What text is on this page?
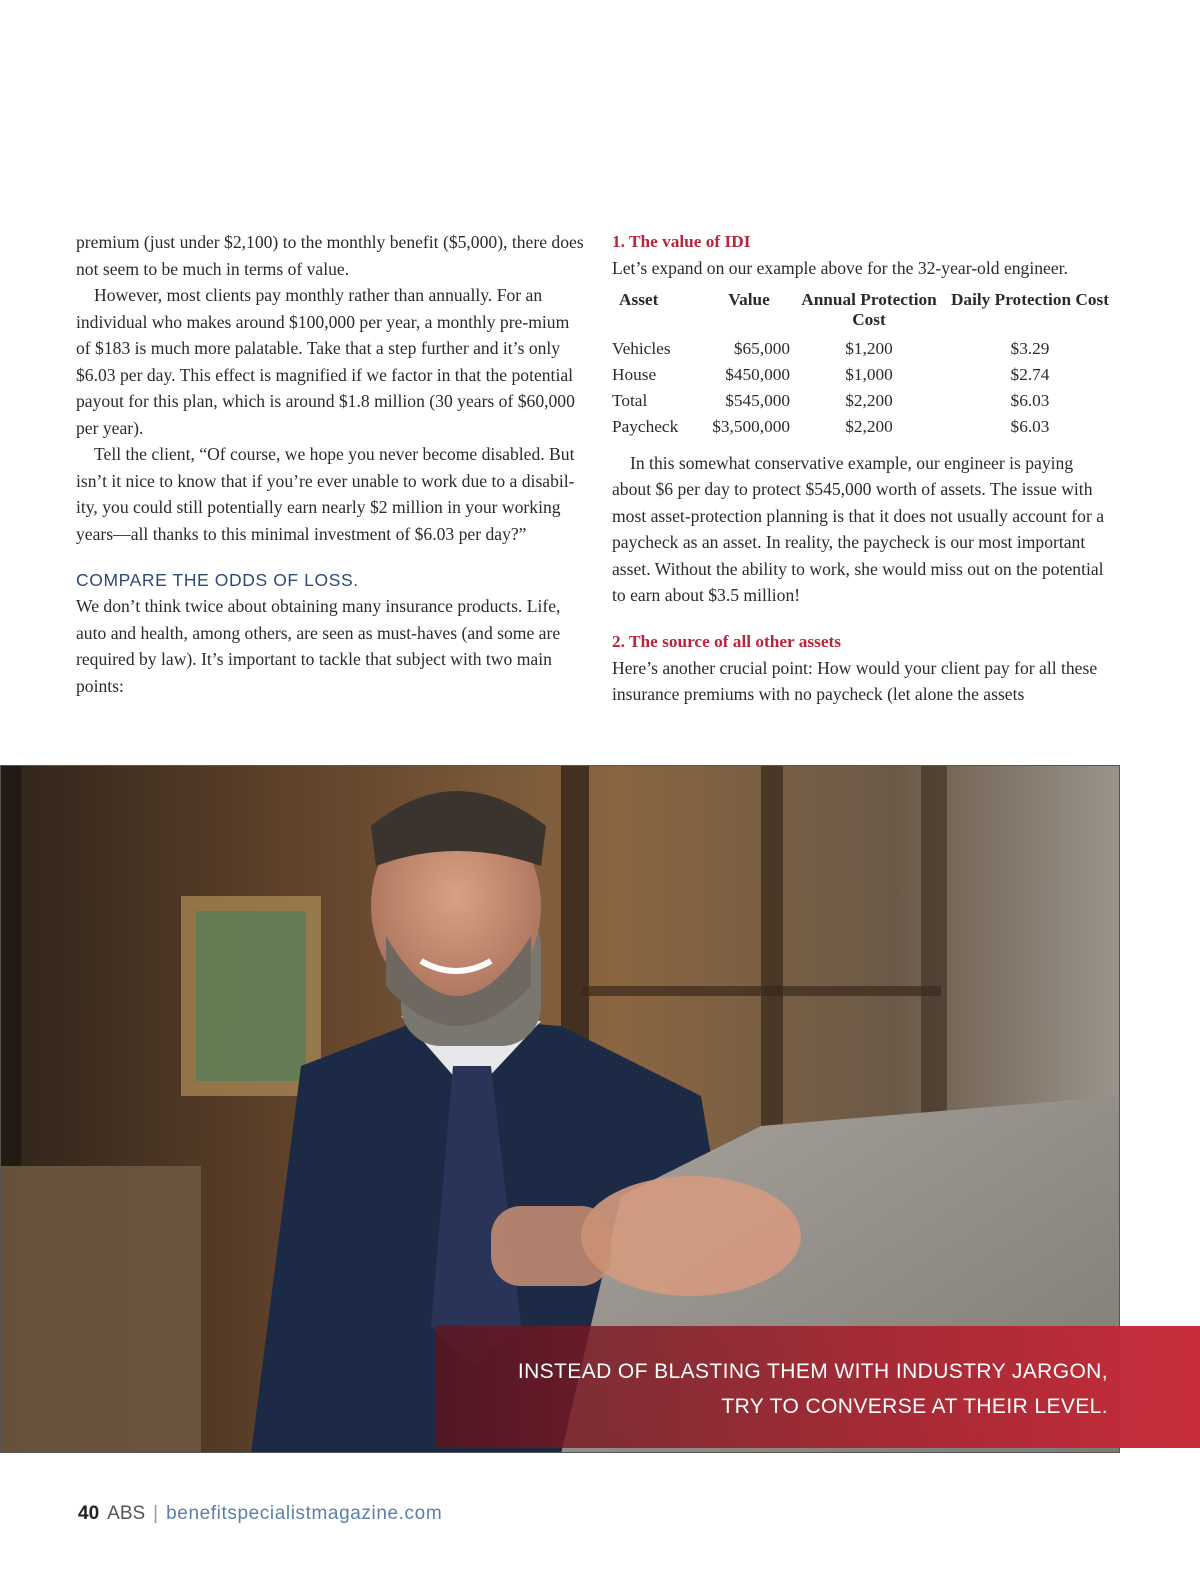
premium (just under $2,100) to the monthly benefit ($5,000), there does not seem to be much in terms of value.

However, most clients pay monthly rather than annually. For an individual who makes around $100,000 per year, a monthly pre-mium of $183 is much more palatable. Take that a step further and it’s only $6.03 per day. This effect is magnified if we factor in that the potential payout for this plan, which is around $1.8 million (30 years of $60,000 per year).

Tell the client, “Of course, we hope you never become disabled. But isn’t it nice to know that if you’re ever unable to work due to a disabil-ity, you could still potentially earn nearly $2 million in your working years—all thanks to this minimal investment of $6.03 per day?”

COMPARE THE ODDS OF LOSS.

We don’t think twice about obtaining many insurance products. Life, auto and health, among others, are seen as must-haves (and some are required by law). It’s important to tackle that subject with two main points:

1. The value of IDI

Let’s expand on our example above for the 32-year-old engineer.

Asset	Value	Annual Protection Cost	Daily Protection Cost
Vehicles	$65,000	$1,200	$3.29
House	$450,000	$1,000	$2.74
Total	$545,000	$2,200	$6.03
Paycheck	$3,500,000	$2,200	$6.03

In this somewhat conservative example, our engineer is paying about $6 per day to protect $545,000 worth of assets. The issue with most asset-protection planning is that it does not usually account for a paycheck as an asset. In reality, the paycheck is our most important asset. Without the ability to work, she would miss out on the potential to earn about $3.5 million!

2. The source of all other assets

Here’s another crucial point: How would your client pay for all these insurance premiums with no paycheck (let alone the assets

INSTEAD OF BLASTING THEM WITH INDUSTRY JARGON,
TRY TO CONVERSE AT THEIR LEVEL.
40 ABS | benefitspecialistmagazine.com
